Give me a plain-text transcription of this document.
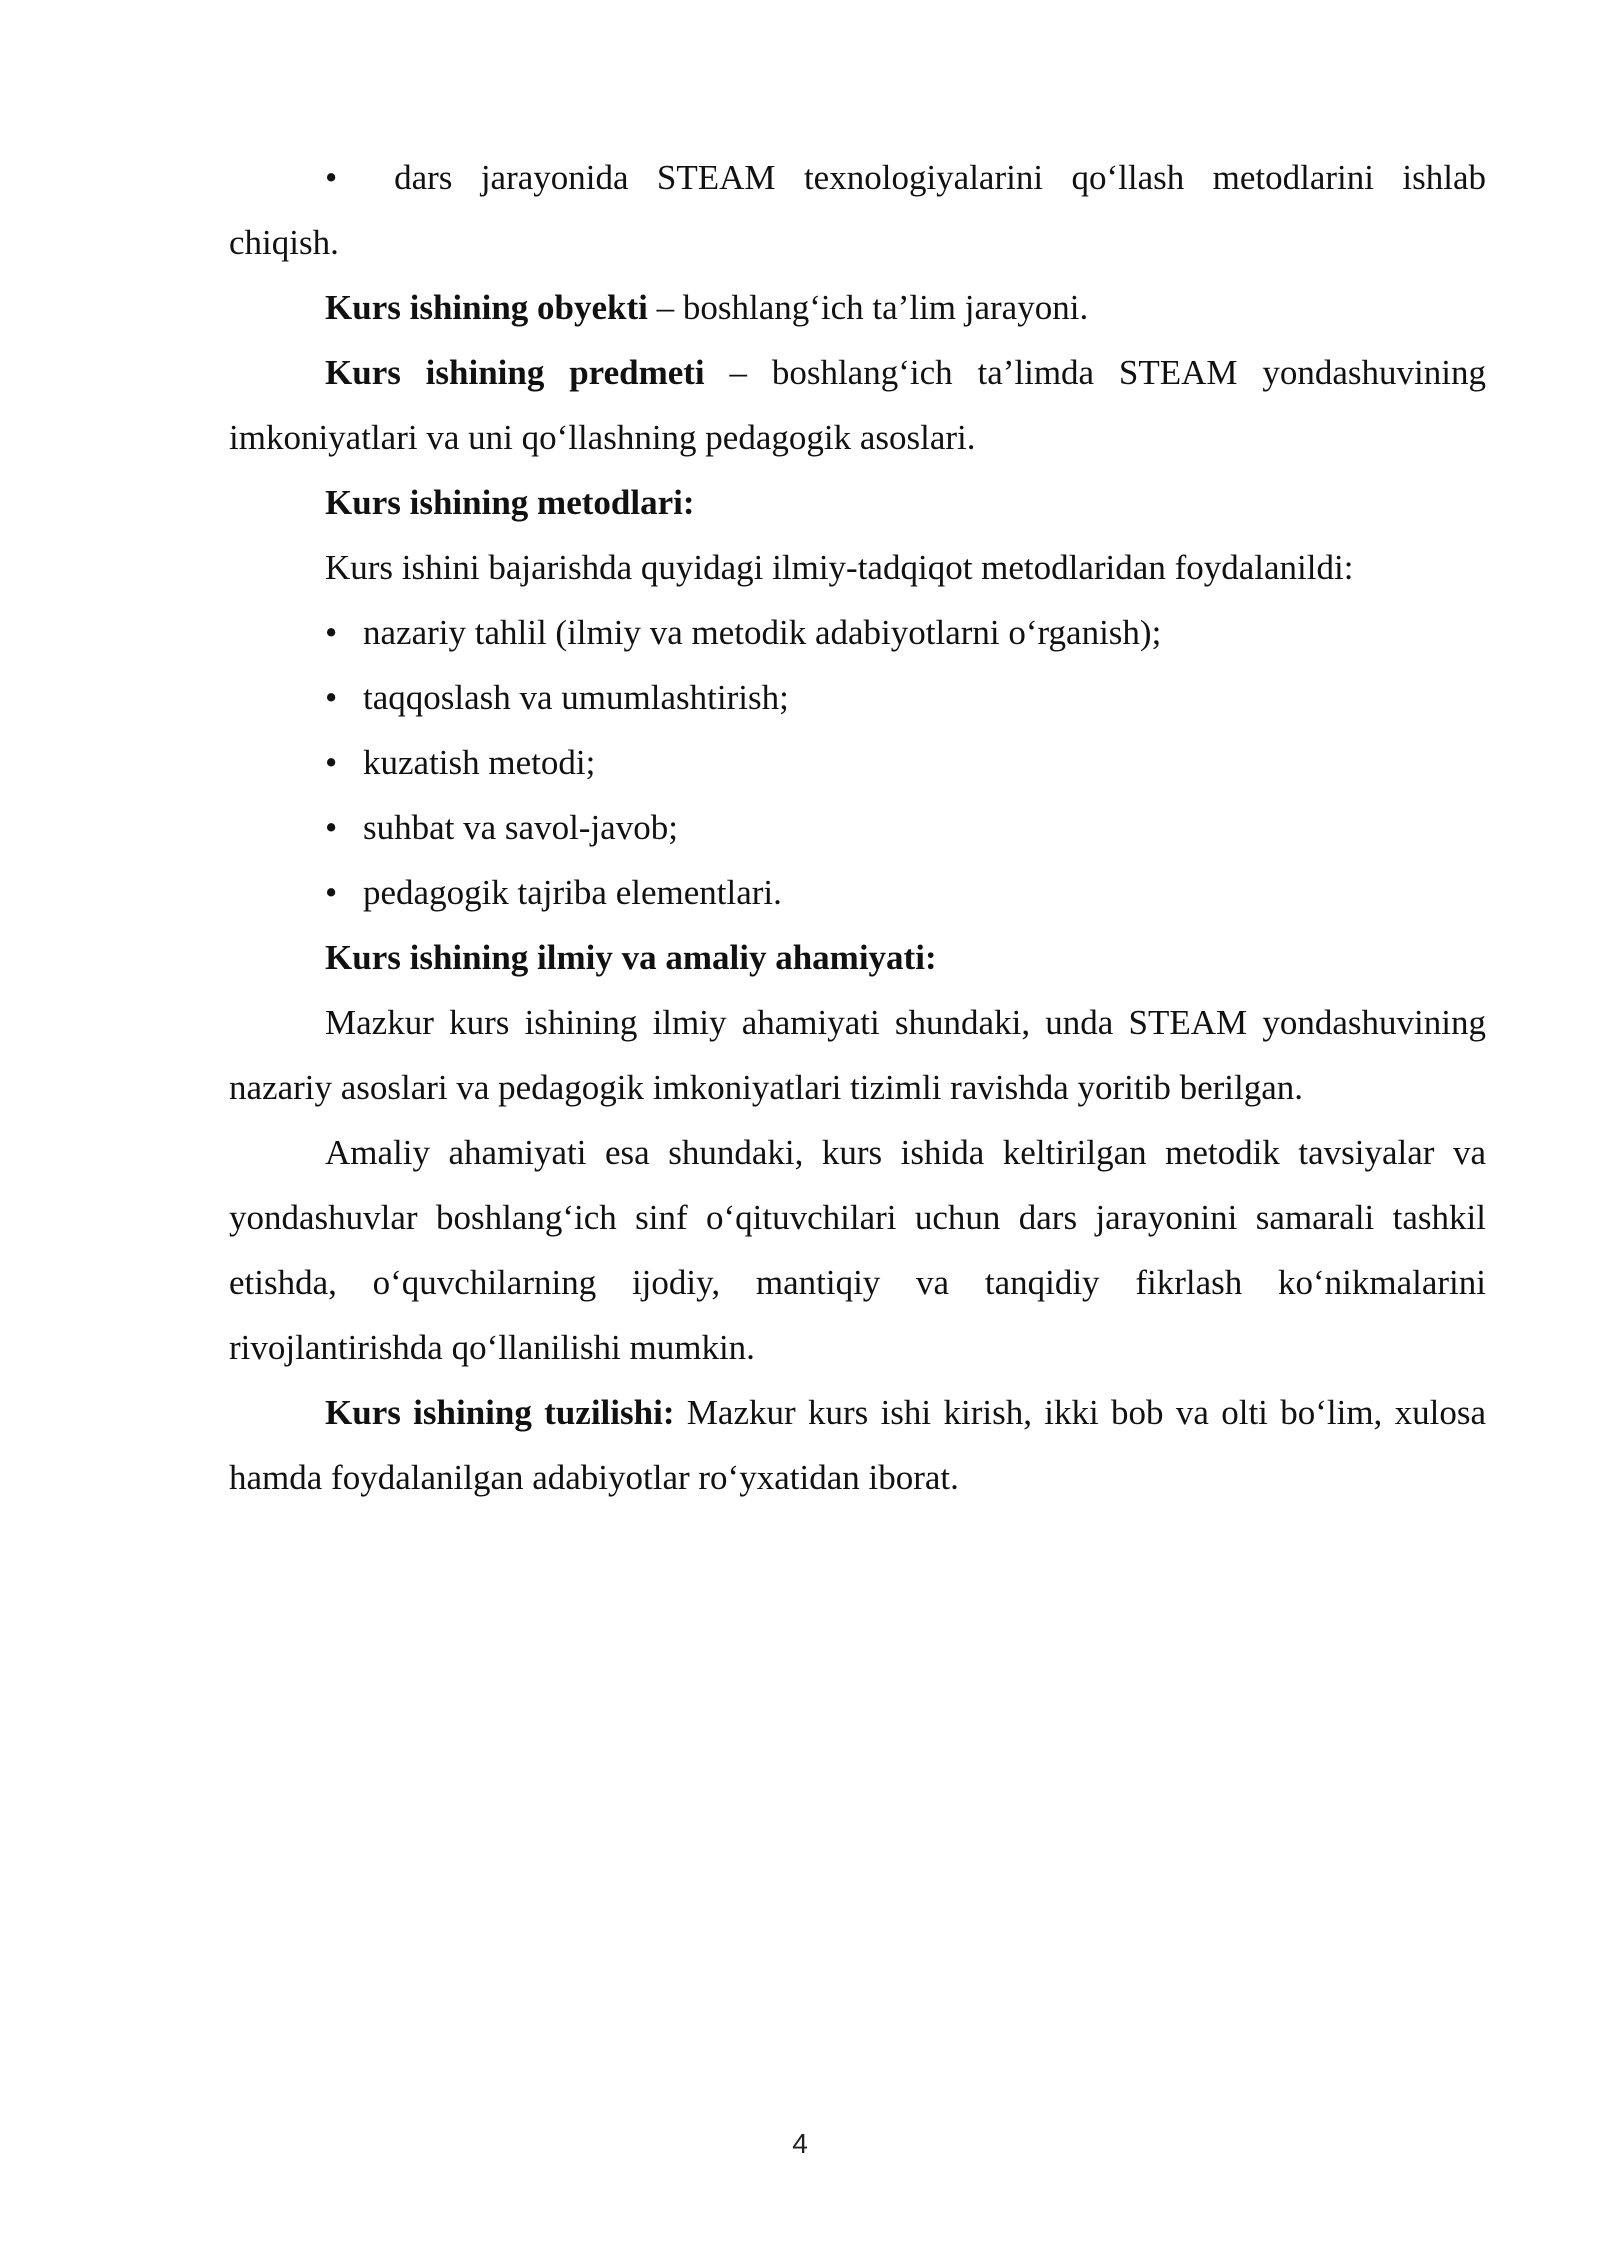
• dars jarayonida STEAM texnologiyalarini qo‘llash metodlarini ishlab
chiqish.
Kurs ishining obyekti – boshlang‘ich ta’lim jarayoni.
Kurs ishining predmeti – boshlang‘ich ta’limda STEAM yondashuvining imkoniyatlari va uni qo‘llashning pedagogik asoslari.
Kurs ishining metodlari:
Kurs ishini bajarishda quyidagi ilmiy-tadqiqot metodlaridan foydalanildi:
• nazariy tahlil (ilmiy va metodik adabiyotlarni o‘rganish);
• taqqoslash va umumlashtirish;
• kuzatish metodi;
• suhbat va savol-javob;
• pedagogik tajriba elementlari.
Kurs ishining ilmiy va amaliy ahamiyati:
Mazkur kurs ishining ilmiy ahamiyati shundaki, unda STEAM yondashuvining nazariy asoslari va pedagogik imkoniyatlari tizimli ravishda yoritib berilgan.
Amaliy ahamiyati esa shundaki, kurs ishida keltirilgan metodik tavsiyalar va yondashuvlar boshlang‘ich sinf o‘qituvchilari uchun dars jarayonini samarali tashkil etishda, o‘quvchilarning ijodiy, mantiqiy va tanqidiy fikrlash ko‘nikmalarini rivojlantirishda qo‘llanilishi mumkin.
Kurs ishining tuzilishi: Mazkur kurs ishi kirish, ikki bob va olti bo‘lim, xulosa hamda foydalanilgan adabiyotlar ro‘yxatidan iborat.
4
